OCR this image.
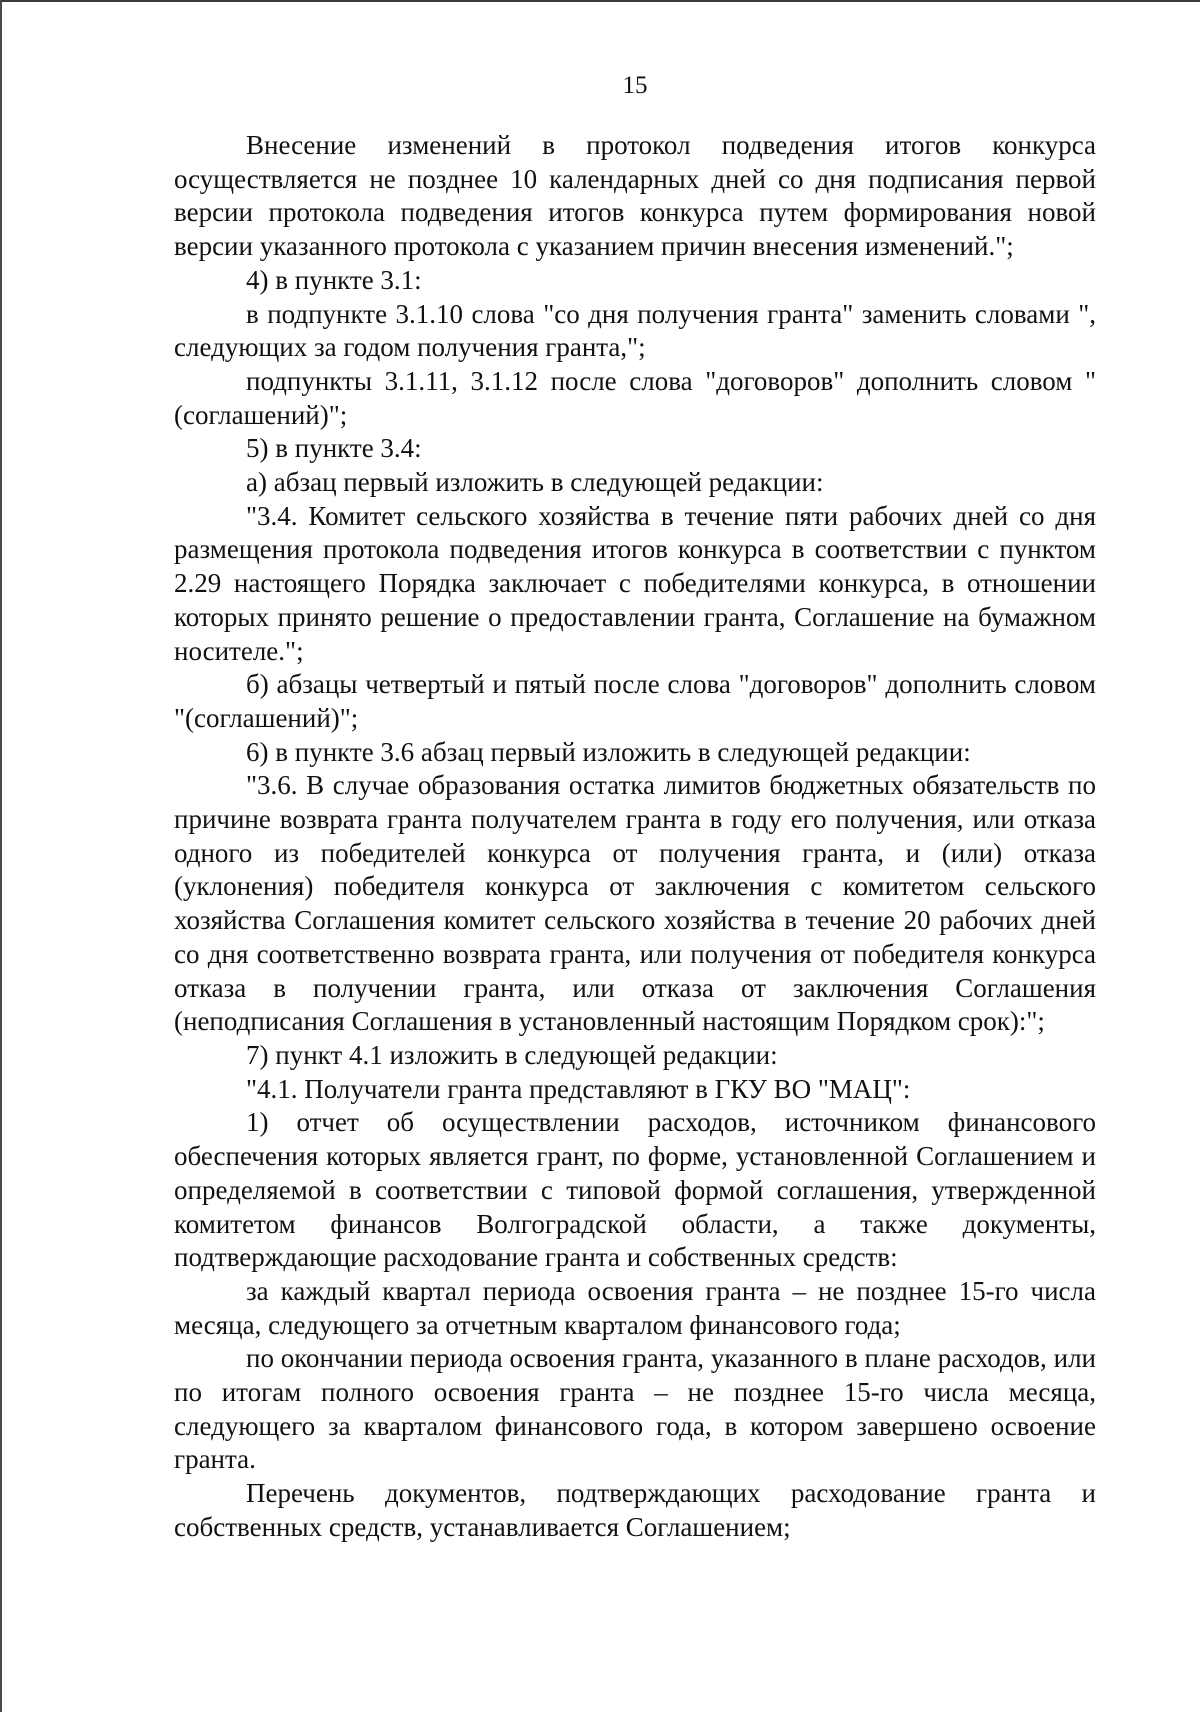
15

Внесение изменений в протокол подведения итогов конкурса осуществляется не позднее 10 календарных дней со дня подписания первой версии протокола подведения итогов конкурса путем формирования новой версии указанного протокола с указанием причин внесения изменений.";

4) в пункте 3.1:

в подпункте 3.1.10 слова "со дня получения гранта" заменить словами ", следующих за годом получения гранта,";

подпункты 3.1.11, 3.1.12 после слова "договоров" дополнить словом "(соглашений)";

5) в пункте 3.4:

а) абзац первый изложить в следующей редакции:

"3.4. Комитет сельского хозяйства в течение пяти рабочих дней со дня размещения протокола подведения итогов конкурса в соответствии с пунктом 2.29 настоящего Порядка заключает с победителями конкурса, в отношении которых принято решение о предоставлении гранта, Соглашение на бумажном носителе.";

б) абзацы четвертый и пятый после слова "договоров" дополнить словом "(соглашений)";

6) в пункте 3.6 абзац первый изложить в следующей редакции:

"3.6. В случае образования остатка лимитов бюджетных обязательств по причине возврата гранта получателем гранта в году его получения, или отказа одного из победителей конкурса от получения гранта, и (или) отказа (уклонения) победителя конкурса от заключения с комитетом сельского хозяйства Соглашения комитет сельского хозяйства в течение 20 рабочих дней со дня соответственно возврата гранта, или получения от победителя конкурса отказа в получении гранта, или отказа от заключения Соглашения (неподписания Соглашения в установленный настоящим Порядком срок):";

7) пункт 4.1 изложить в следующей редакции:

"4.1. Получатели гранта представляют в ГКУ ВО "МАЦ":

1) отчет об осуществлении расходов, источником финансового обеспечения которых является грант, по форме, установленной Соглашением и определяемой в соответствии с типовой формой соглашения, утвержденной комитетом финансов Волгоградской области, а также документы, подтверждающие расходование гранта и собственных средств:

за каждый квартал периода освоения гранта – не позднее 15-го числа месяца, следующего за отчетным кварталом финансового года;

по окончании периода освоения гранта, указанного в плане расходов, или по итогам полного освоения гранта – не позднее 15-го числа месяца, следующего за кварталом финансового года, в котором завершено освоение гранта.

Перечень документов, подтверждающих расходование гранта и собственных средств, устанавливается Соглашением;
